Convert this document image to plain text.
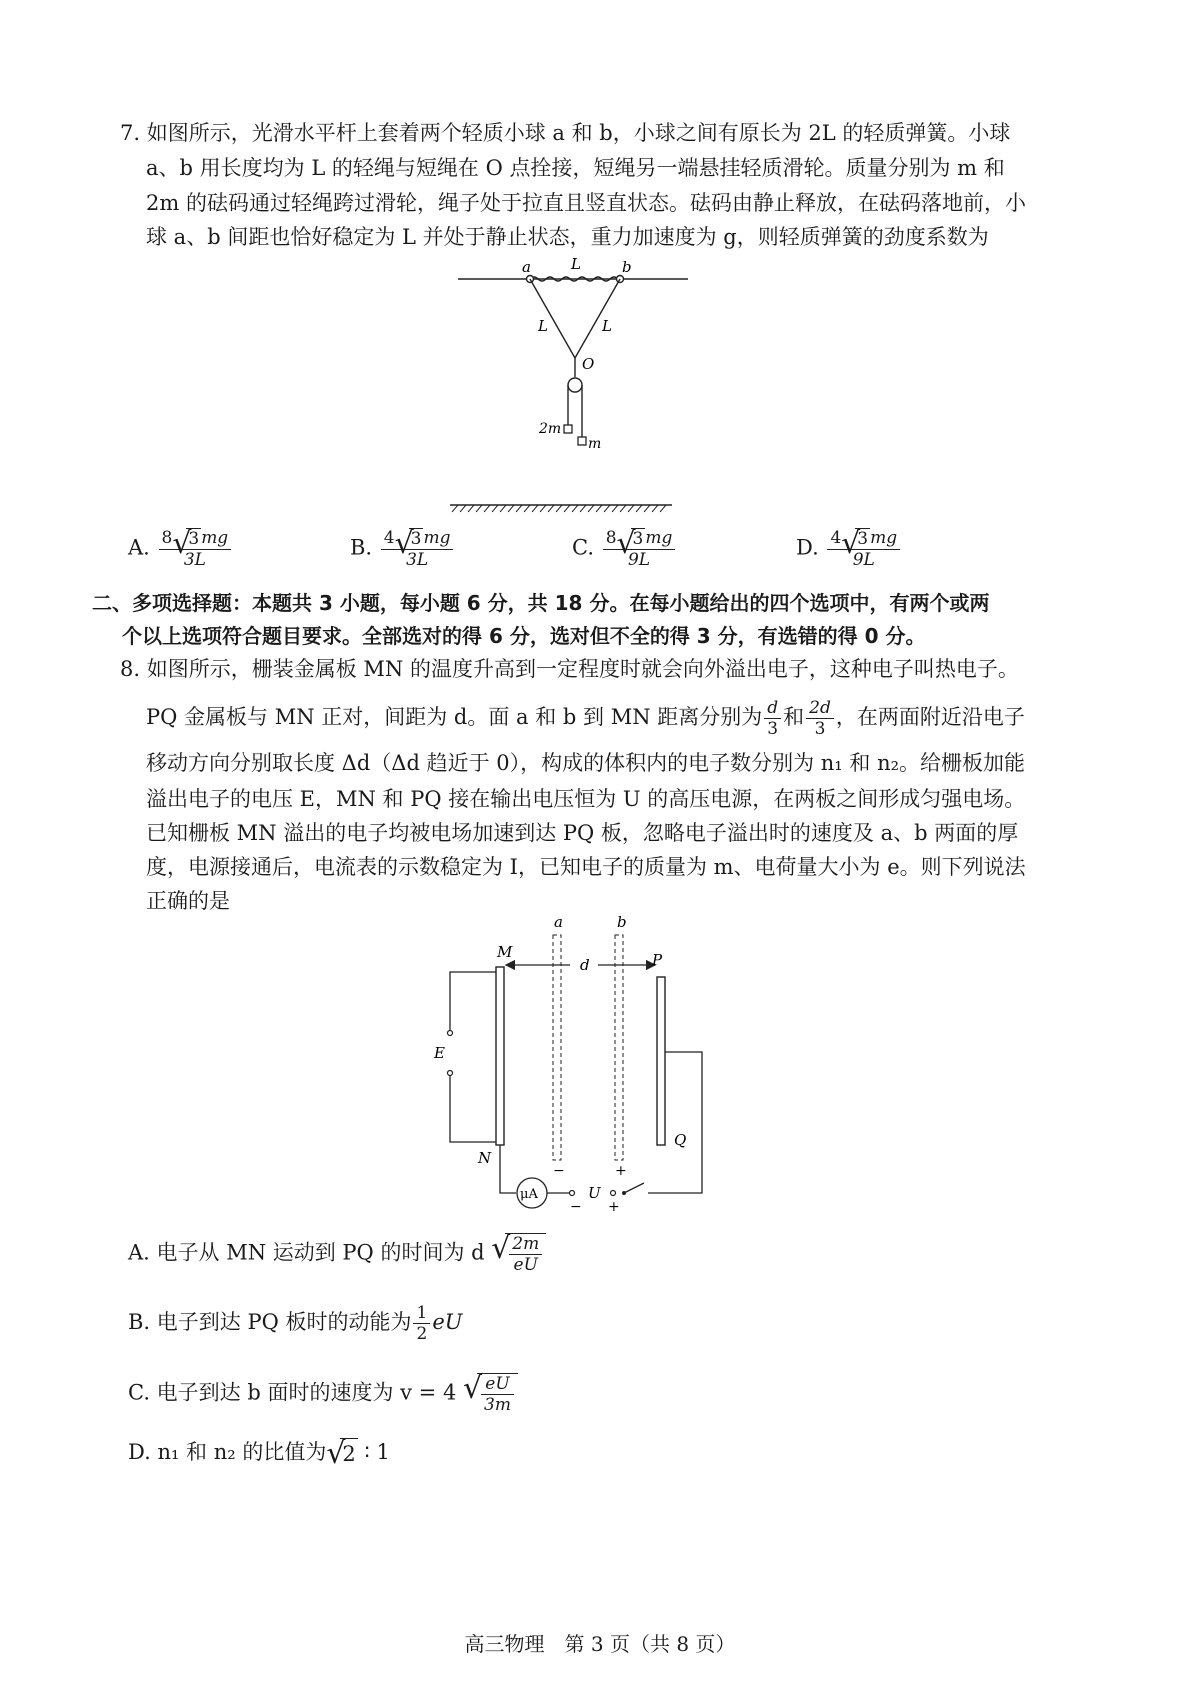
7. 如图所示，光滑水平杆上套着两个轻质小球 a 和 b，小球之间有原长为 2L 的轻质弹簧。小球
a、b 用长度均为 L 的轻绳与短绳在 O 点拴接，短绳另一端悬挂轻质滑轮。质量分别为 m 和
2m 的砝码通过轻绳跨过滑轮，绳子处于拉直且竖直状态。砝码由静止释放，在砝码落地前，小
球 a、b 间距也恰好稳定为 L 并处于静止状态，重力加速度为 g，则轻质弹簧的劲度系数为
a	L	b
L	L
O
2m
m
A. $\frac{8 √ 3 mg}{3L}$	B. $\frac{4 √ 3 mg}{3L}$	C. $\frac{8 √ 3 mg}{9L}$	D. $\frac{4 √ 3 mg}{9L}$
二、多项选择题：本题共 3 小题，每小题 6 分，共 18 分。在每小题给出的四个选项中，有两个或两
个以上选项符合题目要求。全部选对的得 6 分，选对但不全的得 3 分，有选错的得 0 分。
8. 如图所示，栅装金属板 MN 的温度升高到一定程度时就会向外溢出电子，这种电子叫热电子。
PQ 金属板与 MN 正对，间距为 d。面 a 和 b 到 MN 距离分别为 $\frac{d}{3}$ 和 $\frac{2d}{3}$ ，在两面附近沿电子
移动方向分别取长度 Δd（Δd 趋近于 0），构成的体积内的电子数分别为 n₁ 和 n₂。给栅板加能
溢出电子的电压 E，MN 和 PQ 接在输出电压恒为 U 的高压电源，在两板之间形成匀强电场。
已知栅板 MN 溢出的电子均被电场加速到达 PQ 板，忽略电子溢出时的速度及 a、b 两面的厚
度，电源接通后，电流表的示数稳定为 I，已知电子的质量为 m、电荷量大小为 e。则下列说法
正确的是
a	b
M	P
d
E
N
Q
μA	U
−	+
− +
A. 电子从 MN 运动到 PQ 的时间为 d √ $\frac{2m}{eU}$
B. 电子到达 PQ 板时的动能为 $\frac{1}{2}$ eU
C. 电子到达 b 面时的速度为 v = 4 √ $\frac{eU}{3m}$
D. n₁ 和 n₂ 的比值为 √ 2 ∶ 1
高三物理　第 3 页（共 8 页）
